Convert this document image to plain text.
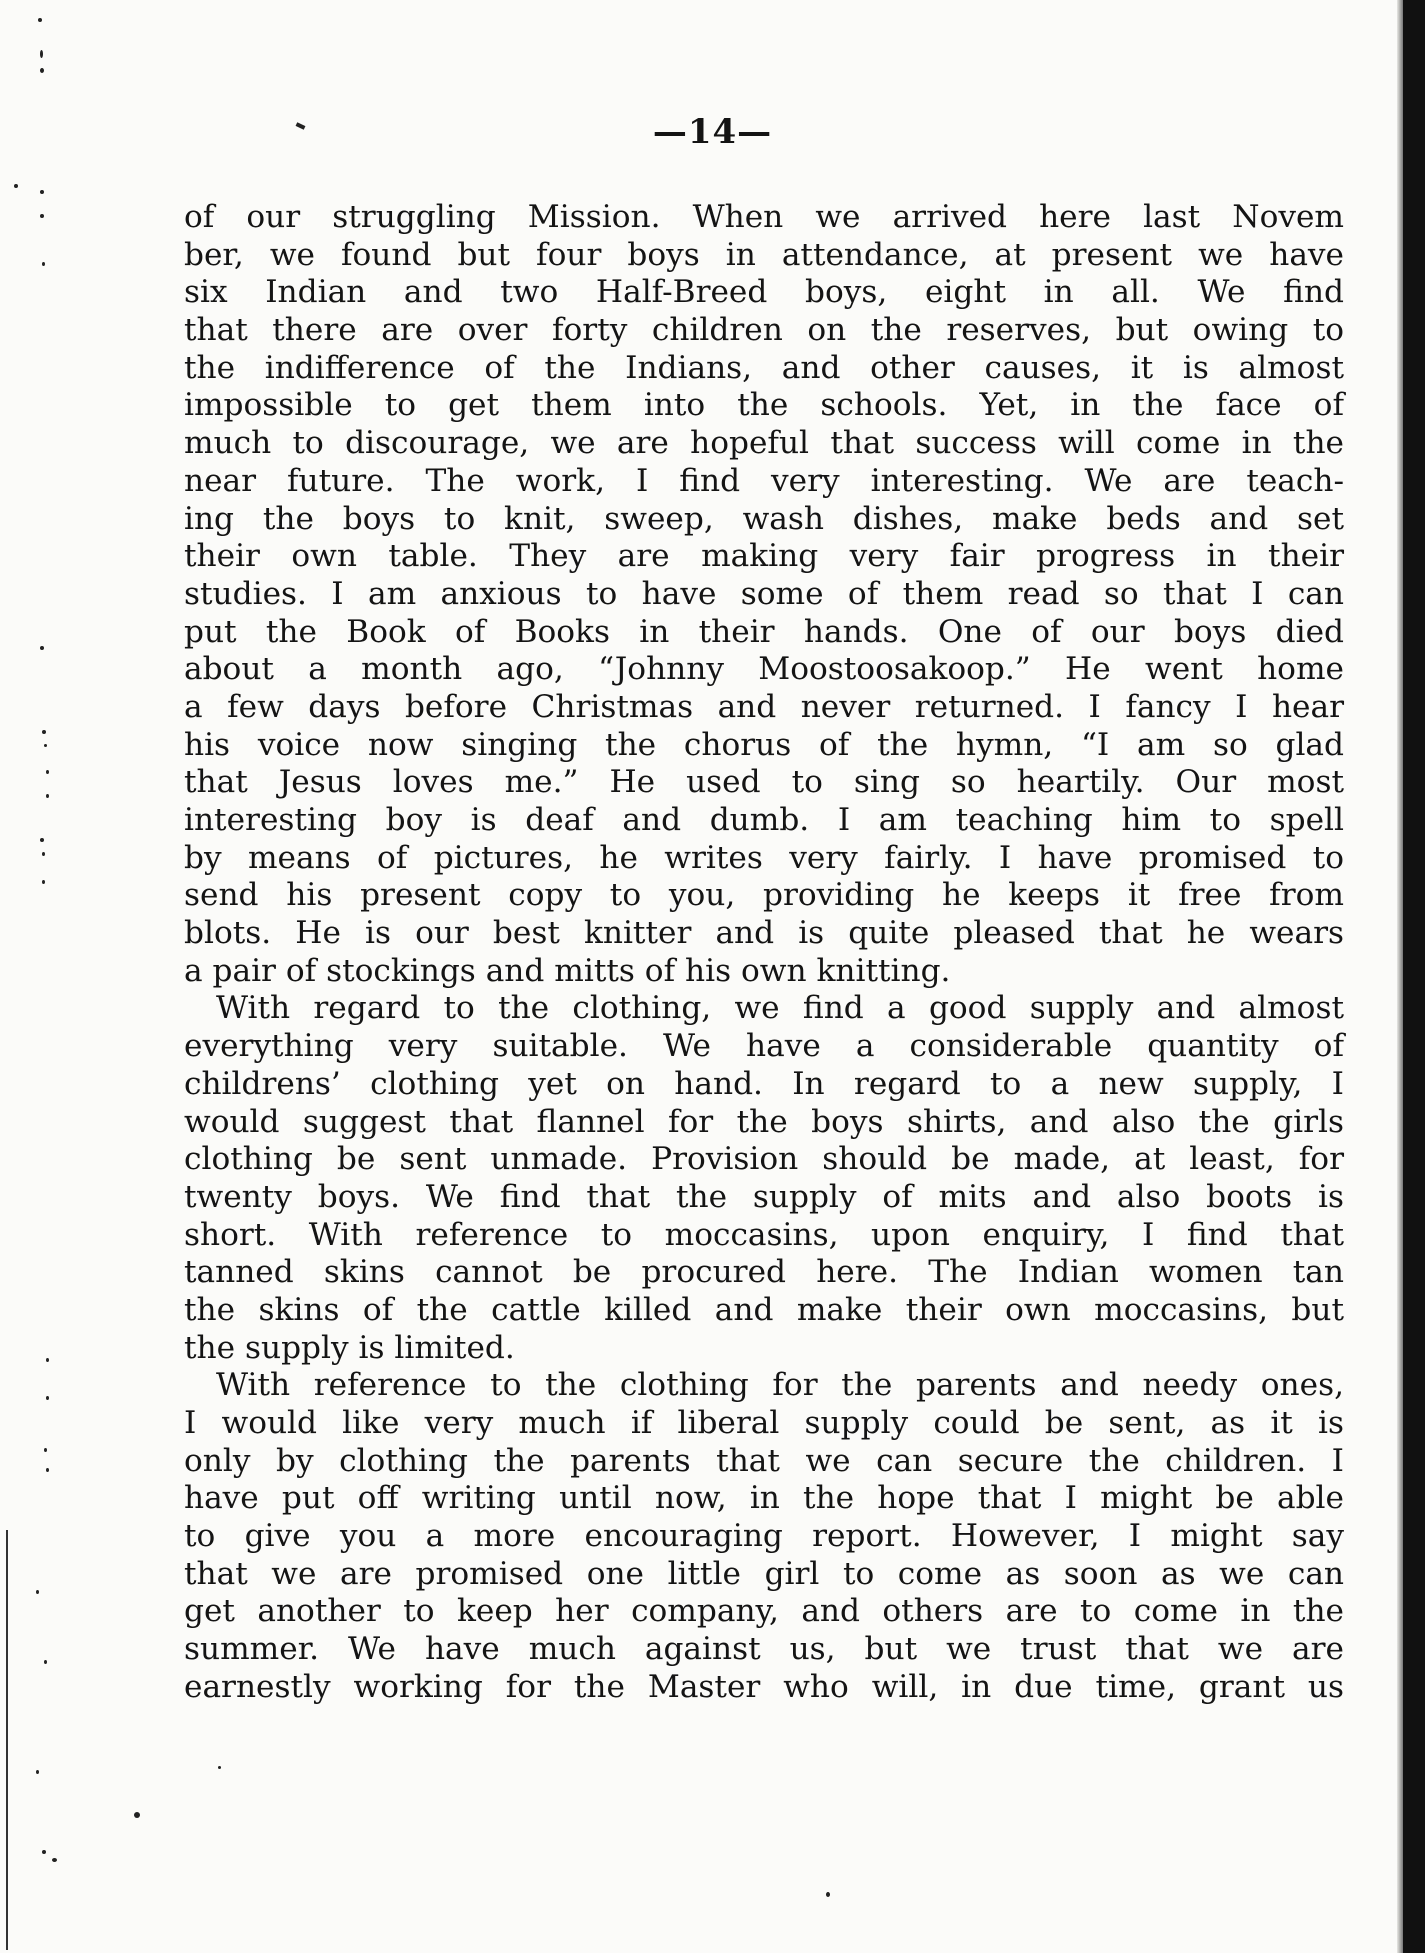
—14—
of our struggling Mission. When we arrived here last Novem
ber, we found but four boys in attendance, at present we have
six Indian and two Half-Breed boys, eight in all. We find
that there are over forty children on the reserves, but owing to
the indifference of the Indians, and other causes, it is almost
impossible to get them into the schools. Yet, in the face of
much to discourage, we are hopeful that success will come in the
near future. The work, I find very interesting. We are teach-
ing the boys to knit, sweep, wash dishes, make beds and set
their own table. They are making very fair progress in their
studies. I am anxious to have some of them read so that I can
put the Book of Books in their hands. One of our boys died
about a month ago, “Johnny Moostoosakoop.” He went home
a few days before Christmas and never returned. I fancy I hear
his voice now singing the chorus of the hymn, “I am so glad
that Jesus loves me.” He used to sing so heartily. Our most
interesting boy is deaf and dumb. I am teaching him to spell
by means of pictures, he writes very fairly. I have promised to
send his present copy to you, providing he keeps it free from
blots. He is our best knitter and is quite pleased that he wears
a pair of stockings and mitts of his own knitting.
With regard to the clothing, we find a good supply and almost
everything very suitable. We have a considerable quantity of
childrens’ clothing yet on hand. In regard to a new supply, I
would suggest that flannel for the boys shirts, and also the girls
clothing be sent unmade. Provision should be made, at least, for
twenty boys. We find that the supply of mits and also boots is
short. With reference to moccasins, upon enquiry, I find that
tanned skins cannot be procured here. The Indian women tan
the skins of the cattle killed and make their own moccasins, but
the supply is limited.
With reference to the clothing for the parents and needy ones,
I would like very much if liberal supply could be sent, as it is
only by clothing the parents that we can secure the children. I
have put off writing until now, in the hope that I might be able
to give you a more encouraging report. However, I might say
that we are promised one little girl to come as soon as we can
get another to keep her company, and others are to come in the
summer. We have much against us, but we trust that we are
earnestly working for the Master who will, in due time, grant us
